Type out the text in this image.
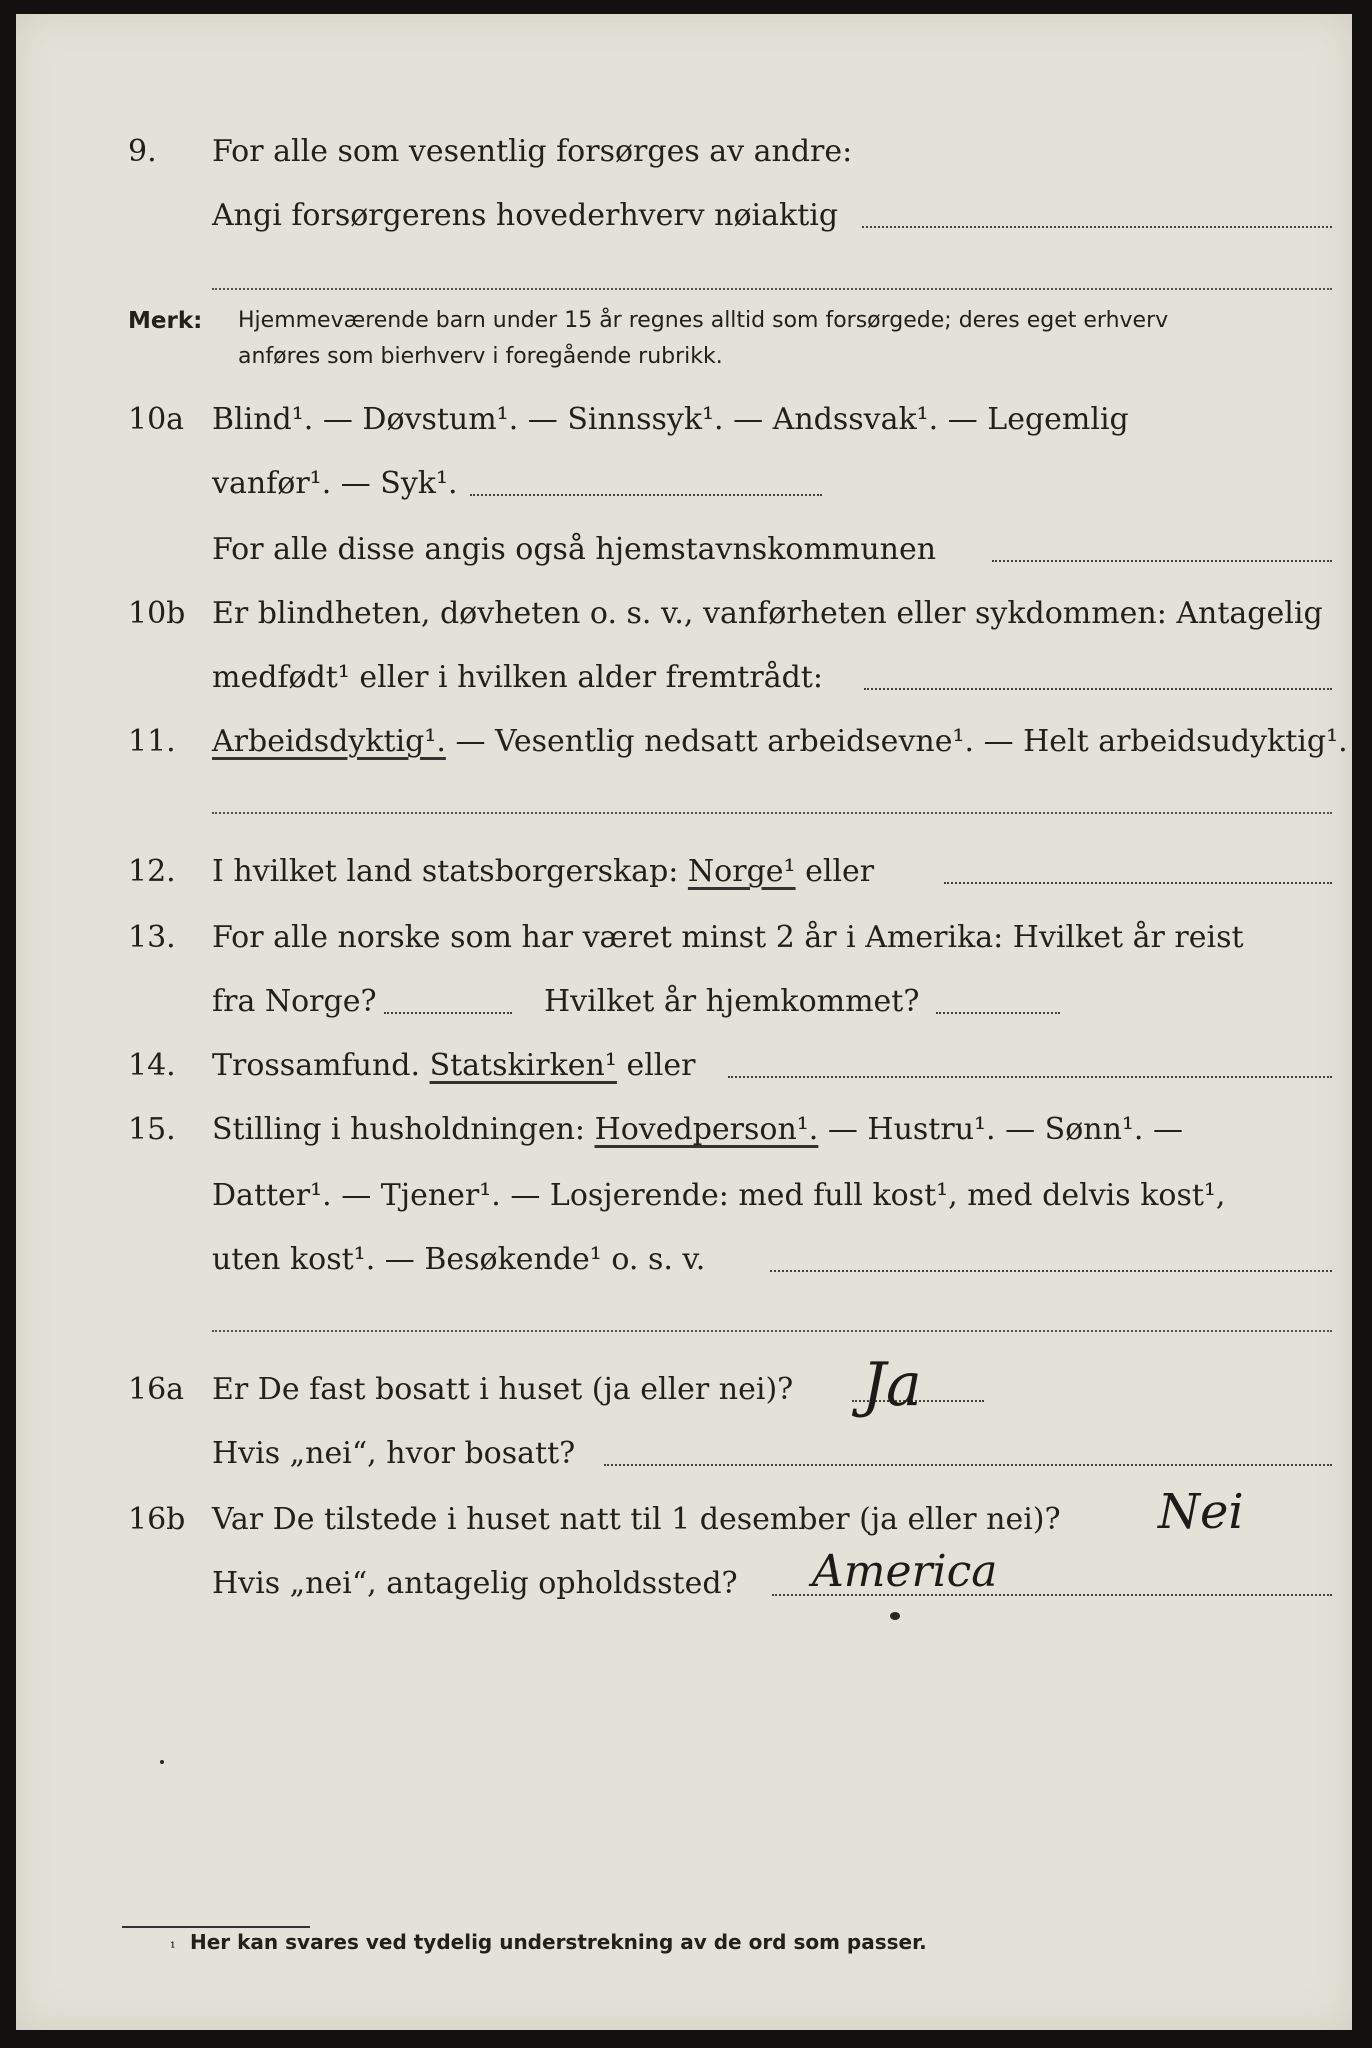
9. For alle som vesentlig forsørges av andre:
Angi forsørgerens hovederhverv nøiaktig
Merk: Hjemmeværende barn under 15 år regnes alltid som forsørgede; deres eget erhverv
anføres som bierhverv i foregående rubrikk.
10a Blind¹. — Døvstum¹. — Sinnssyk¹. — Andssvak¹. — Legemlig
vanfør¹. — Syk¹.
For alle disse angis også hjemstavnskommunen
10b Er blindheten, døvheten o. s. v., vanførheten eller sykdommen: Antagelig
medfødt¹ eller i hvilken alder fremtrådt:
11. Arbeidsdyktig¹. — Vesentlig nedsatt arbeidsevne¹. — Helt arbeidsudyktig¹.
12. I hvilket land statsborgerskap: Norge¹ eller
13. For alle norske som har været minst 2 år i Amerika: Hvilket år reist
fra Norge?	Hvilket år hjemkommet?
14. Trossamfund. Statskirken¹ eller
15. Stilling i husholdningen: Hovedperson¹. — Hustru¹. — Sønn¹. —
Datter¹. — Tjener¹. — Losjerende: med full kost¹, med delvis kost¹,
uten kost¹. — Besøkende¹ o. s. v.
16a Er De fast bosatt i huset (ja eller nei)? Ja
Hvis „nei“, hvor bosatt?
16b Var De tilstede i huset natt til 1 desember (ja eller nei)? Nei
Hvis „nei“, antagelig opholdssted? America
¹ Her kan svares ved tydelig understrekning av de ord som passer.
